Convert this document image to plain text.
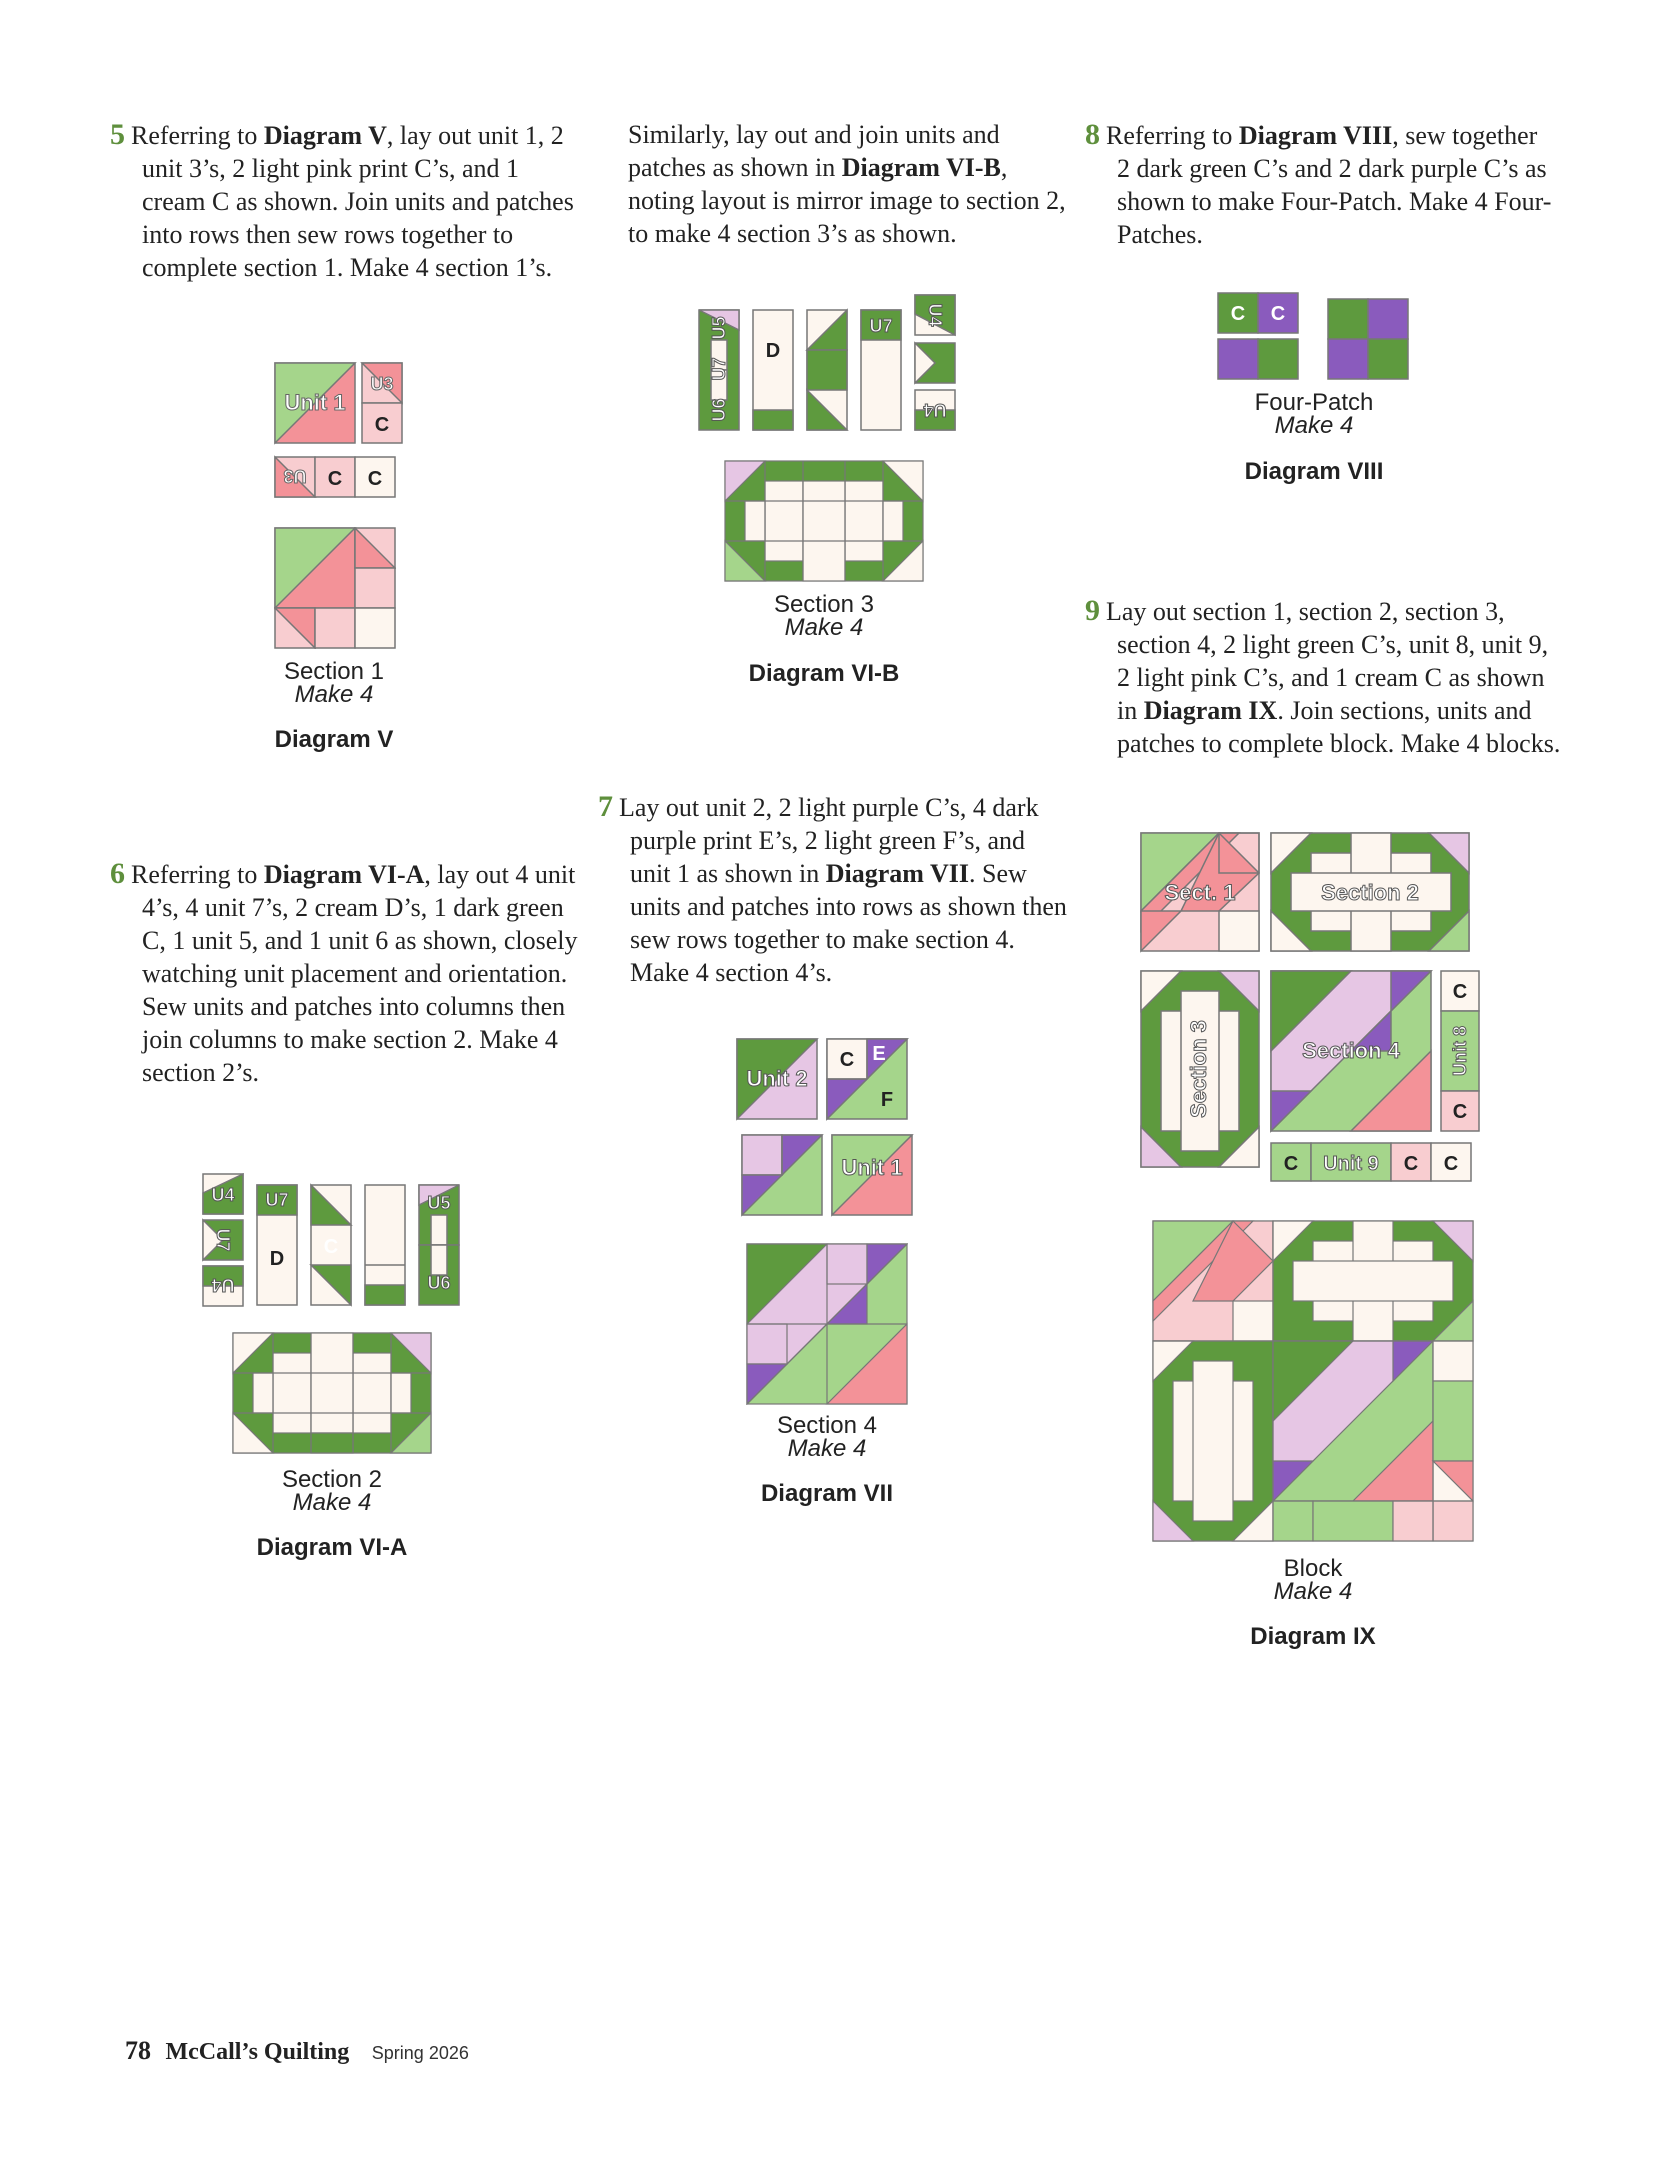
5 Referring to Diagram V, lay out unit 1, 2 unit 3’s, 2 light pink print C’s, and 1 cream C as shown. Join units and patches into rows then sew rows together to complete section 1. Make 4 section 1’s.
Unit 1
U3
C
U3 C C
Section 1
Make 4
Diagram V
6 Referring to Diagram VI-A, lay out 4 unit 4’s, 4 unit 7’s, 2 cream D’s, 1 dark green C, 1 unit 5, and 1 unit 6 as shown, closely watching unit placement and orientation. Sew units and patches into columns then join columns to make section 2. Make 4 section 2’s.
U4
U7
U4
U7	U5
U6
D
C
Section 2
Make 4
Diagram VI-A
Similarly, lay out and join units and patches as shown in Diagram VI-B, noting layout is mirror image to section 2, to make 4 section 3’s as shown.
U5
U7
U6
U7 U4
U4
D
Section 3
Make 4
Diagram VI-B
7 Lay out unit 2, 2 light purple C’s, 4 dark purple print E’s, 2 light green F’s, and unit 1 as shown in Diagram VII. Sew units and patches into rows as shown then sew rows together to make section 4. Make 4 section 4’s.
Unit 2
C E
F
Unit 1
Section 4
Make 4
Diagram VII
8 Referring to Diagram VIII, sew together 2 dark green C’s and 2 dark purple C’s as shown to make Four-Patch. Make 4 Four-Patches.
C C
Four-Patch
Make 4
Diagram VIII
9 Lay out section 1, section 2, section 3, section 4, 2 light green C’s, unit 8, unit 9, 2 light pink C’s, and 1 cream C as shown in Diagram IX. Join sections, units and patches to complete block. Make 4 blocks.
Sect. 1	Section 2
Section 3	Section 4	Unit 8
Unit 9
C
C
C	C C
Block
Make 4
Diagram IX
78 McCall’s Quilting Spring 2026
